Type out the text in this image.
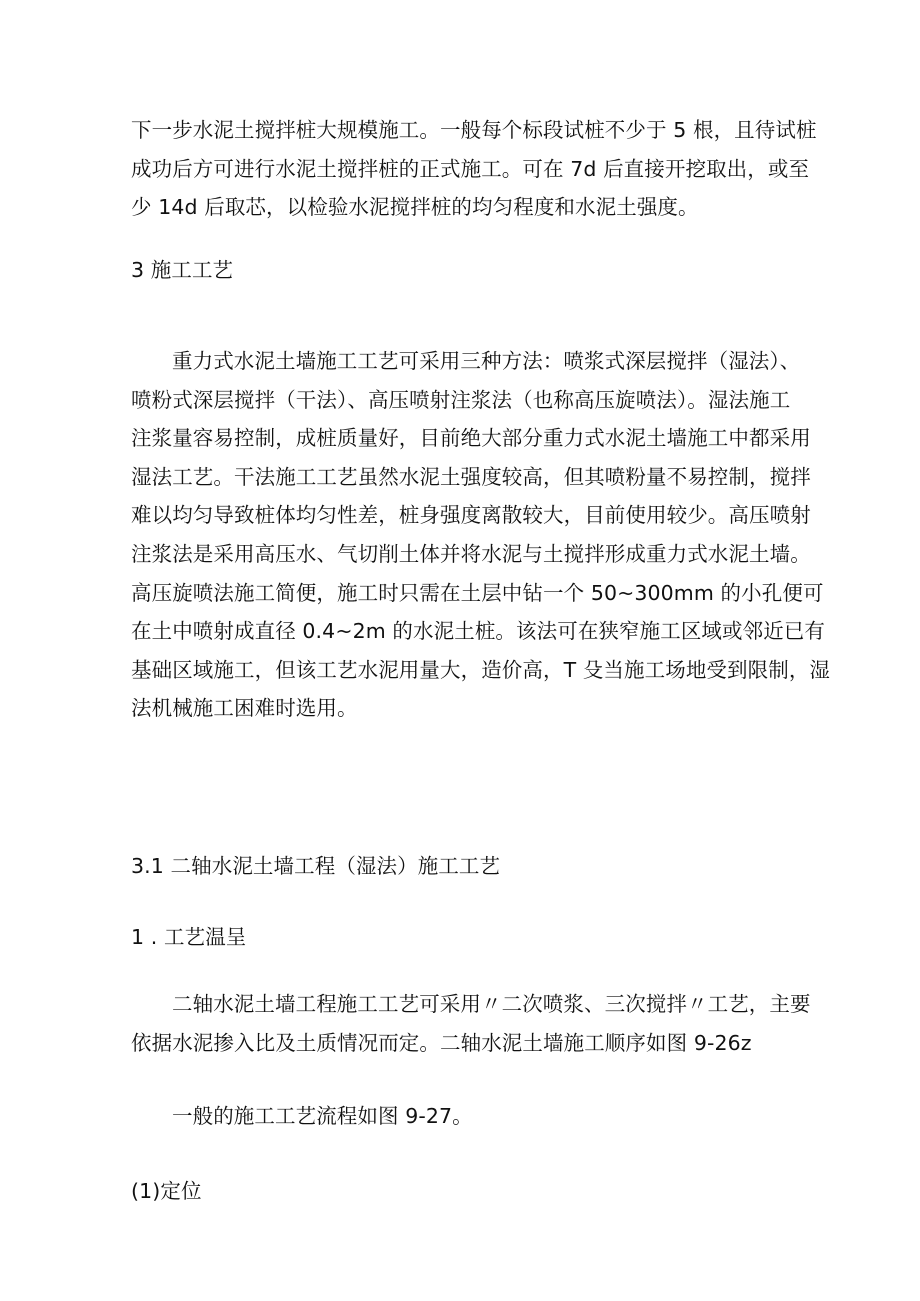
下一步水泥土搅拌桩大规模施工。一般每个标段试桩不少于 5 根，且待试桩
成功后方可进行水泥土搅拌桩的正式施工。可在 7d 后直接开挖取出，或至
少 14d 后取芯，以检验水泥搅拌桩的均匀程度和水泥土强度。
3 施工工艺
重力式水泥土墙施工工艺可采用三种方法：喷浆式深层搅拌（湿法）、
喷粉式深层搅拌（干法）、高压喷射注浆法（也称高压旋喷法）。湿法施工
注浆量容易控制，成桩质量好，目前绝大部分重力式水泥土墙施工中都采用
湿法工艺。干法施工工艺虽然水泥土强度较高，但其喷粉量不易控制，搅拌
难以均匀导致桩体均匀性差，桩身强度离散较大，目前使用较少。高压喷射
注浆法是采用高压水、气切削土体并将水泥与土搅拌形成重力式水泥土墙。
高压旋喷法施工简便，施工时只需在土层中钻一个 50~300mm 的小孔便可
在土中喷射成直径 0.4~2m 的水泥土桩。该法可在狭窄施工区域或邻近已有
基础区域施工，但该工艺水泥用量大，造价高，T 殳当施工场地受到限制，湿
法机械施工困难时选用。
3.1 二轴水泥土墙工程（湿法）施工工艺
1 . 工艺温呈
二轴水泥土墙工程施工工艺可采用〃二次喷浆、三次搅拌〃工艺，主要
依据水泥掺入比及土质情况而定。二轴水泥土墙施工顺序如图 9-26z
一般的施工工艺流程如图 9-27。
(1)定位
